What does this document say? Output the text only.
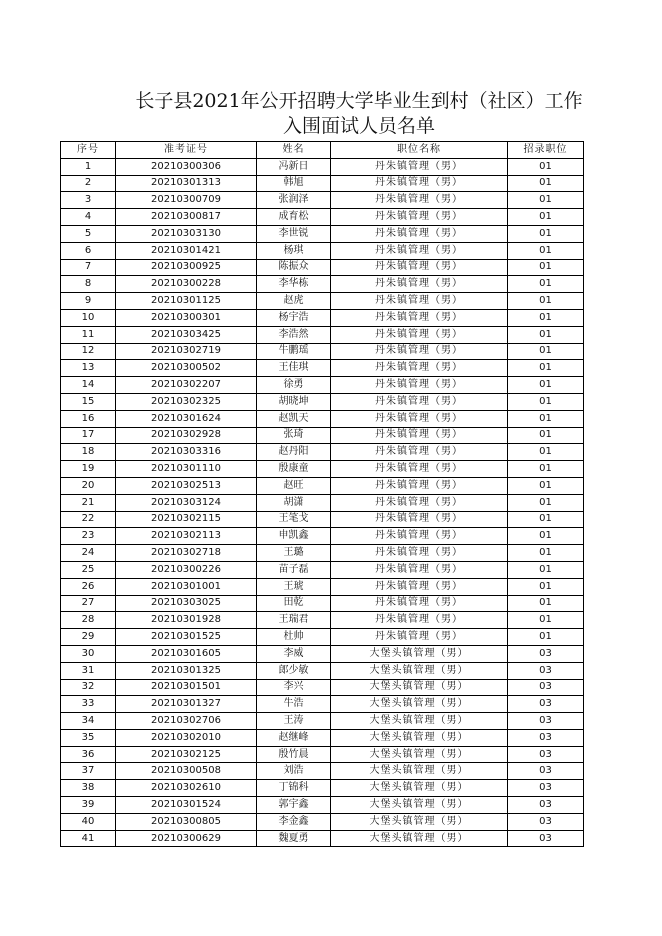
长子县2021年公开招聘大学毕业生到村（社区）工作
入围面试人员名单
序号	准考证号	姓名	职位名称	招录职位
1	20210300306	冯新日	丹朱镇管理（男）	01
2	20210301313	韩旭	丹朱镇管理（男）	01
3	20210300709	张润泽	丹朱镇管理（男）	01
4	20210300817	成育松	丹朱镇管理（男）	01
5	20210303130	李世锐	丹朱镇管理（男）	01
6	20210301421	杨琪	丹朱镇管理（男）	01
7	20210300925	陈振众	丹朱镇管理（男）	01
8	20210300228	李华栋	丹朱镇管理（男）	01
9	20210301125	赵虎	丹朱镇管理（男）	01
10	20210300301	杨宇浩	丹朱镇管理（男）	01
11	20210303425	李浩然	丹朱镇管理（男）	01
12	20210302719	牛鹏瑶	丹朱镇管理（男）	01
13	20210300502	王佳琪	丹朱镇管理（男）	01
14	20210302207	徐勇	丹朱镇管理（男）	01
15	20210302325	胡晓坤	丹朱镇管理（男）	01
16	20210301624	赵凯天	丹朱镇管理（男）	01
17	20210302928	张琦	丹朱镇管理（男）	01
18	20210303316	赵丹阳	丹朱镇管理（男）	01
19	20210301110	殷康童	丹朱镇管理（男）	01
20	20210302513	赵旺	丹朱镇管理（男）	01
21	20210303124	胡潇	丹朱镇管理（男）	01
22	20210302115	王笔戈	丹朱镇管理（男）	01
23	20210302113	申凯鑫	丹朱镇管理（男）	01
24	20210302718	王璐	丹朱镇管理（男）	01
25	20210300226	苗子磊	丹朱镇管理（男）	01
26	20210301001	王琥	丹朱镇管理（男）	01
27	20210303025	田乾	丹朱镇管理（男）	01
28	20210301928	王瑞君	丹朱镇管理（男）	01
29	20210301525	杜帅	丹朱镇管理（男）	01
30	20210301605	李威	大堡头镇管理（男）	03
31	20210301325	郎少敏	大堡头镇管理（男）	03
32	20210301501	李兴	大堡头镇管理（男）	03
33	20210301327	牛浩	大堡头镇管理（男）	03
34	20210302706	王涛	大堡头镇管理（男）	03
35	20210302010	赵继峰	大堡头镇管理（男）	03
36	20210302125	殷竹晨	大堡头镇管理（男）	03
37	20210300508	刘浩	大堡头镇管理（男）	03
38	20210302610	丁锦科	大堡头镇管理（男）	03
39	20210301524	郭宇鑫	大堡头镇管理（男）	03
40	20210300805	李金鑫	大堡头镇管理（男）	03
41	20210300629	魏夏勇	大堡头镇管理（男）	03
